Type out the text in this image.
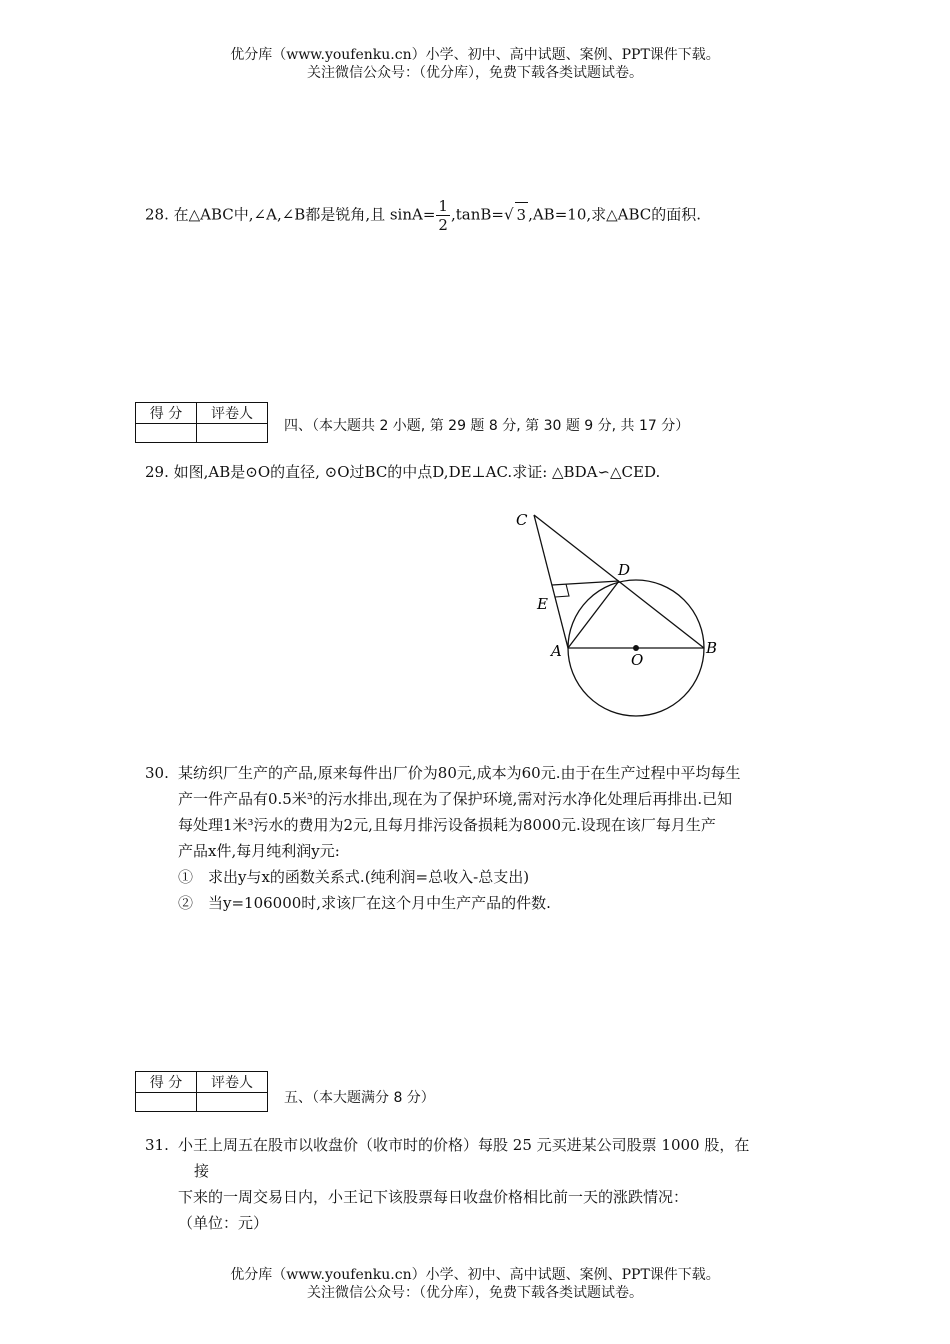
优分库（www.youfenku.cn）小学、初中、高中试题、案例、PPT课件下载。
关注微信公众号：（优分库），免费下载各类试题试卷。
28. 在△ABC中,∠A,∠B都是锐角,且 $\sin A= \frac{1}{2} ,\tan B=√$ 3 ,AB=10,求△ABC的面积.
得 分	评卷人

四、（本大题共 2 小题, 第 29 题 8 分, 第 30 题 9 分, 共 17 分）
29. 如图,AB是⊙O的直径, ⊙O过BC的中点D,DE⊥AC.求证: △BDA∽△CED.
C
D
E
A	O
B
30. 某纺织厂生产的产品,原来每件出厂价为80元,成本为60元.由于在生产过程中平均每生
产一件产品有0.5米³的污水排出,现在为了保护环境,需对污水净化处理后再排出.已知
每处理1米³污水的费用为2元,且每月排污设备损耗为8000元.设现在该厂每月生产
产品x件,每月纯利润y元:
①　求出y与x的函数关系式.(纯利润=总收入-总支出)
②　当y=106000时,求该厂在这个月中生产产品的件数.
得 分	评卷人

五、（本大题满分 8 分）
31. 小王上周五在股市以收盘价（收市时的价格）每股 25 元买进某公司股票 1000 股，在
接
下来的一周交易日内，小王记下该股票每日收盘价格相比前一天的涨跌情况：
（单位：元）
优分库（www.youfenku.cn）小学、初中、高中试题、案例、PPT课件下载。
关注微信公众号：（优分库），免费下载各类试题试卷。
